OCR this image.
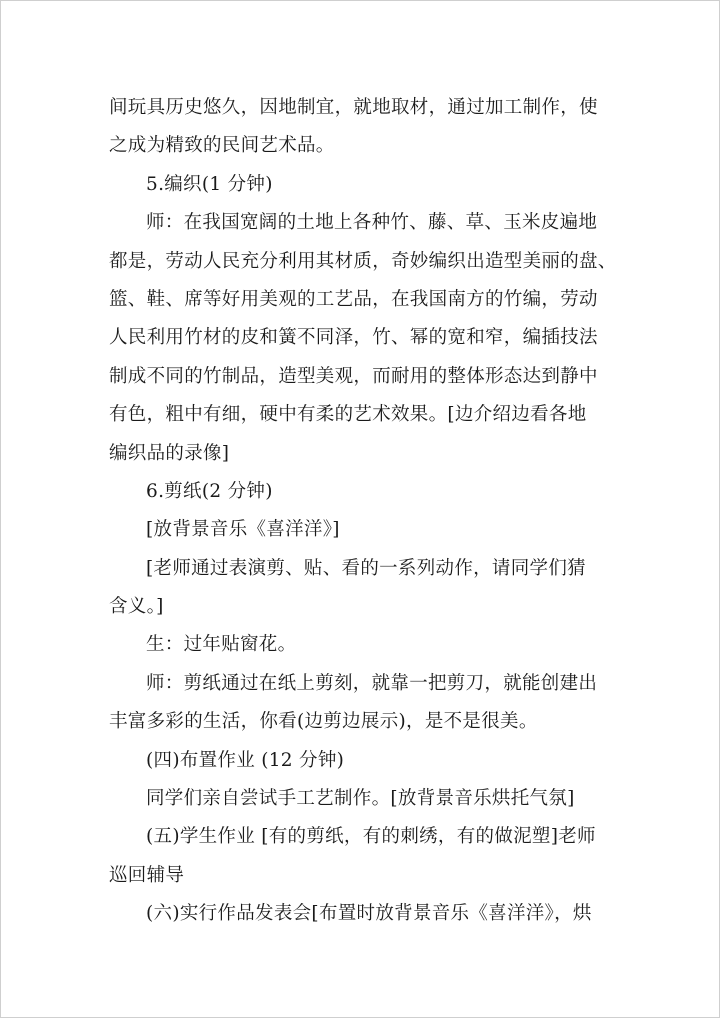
间玩具历史悠久，因地制宜，就地取材，通过加工制作，使
之成为精致的民间艺术品。
5.编织(1 分钟)
师：在我国宽阔的土地上各种竹、藤、草、玉米皮遍地
都是，劳动人民充分利用其材质，奇妙编织出造型美丽的盘、
篮、鞋、席等好用美观的工艺品，在我国南方的竹编，劳动
人民利用竹材的皮和簧不同泽，竹、幂的宽和窄，编插技法
制成不同的竹制品，造型美观，而耐用的整体形态达到静中
有色，粗中有细，硬中有柔的艺术效果。[边介绍边看各地
编织品的录像]
6.剪纸(2 分钟)
[放背景音乐《喜洋洋》]
[老师通过表演剪、贴、看的一系列动作，请同学们猜
含义。]
生：过年贴窗花。
师：剪纸通过在纸上剪刻，就靠一把剪刀，就能创建出
丰富多彩的生活，你看(边剪边展示)，是不是很美。
(四)布置作业 (12 分钟)
同学们亲自尝试手工艺制作。[放背景音乐烘托气氛]
(五)学生作业 [有的剪纸，有的刺绣，有的做泥塑]老师
巡回辅导
(六)实行作品发表会[布置时放背景音乐《喜洋洋》，烘
